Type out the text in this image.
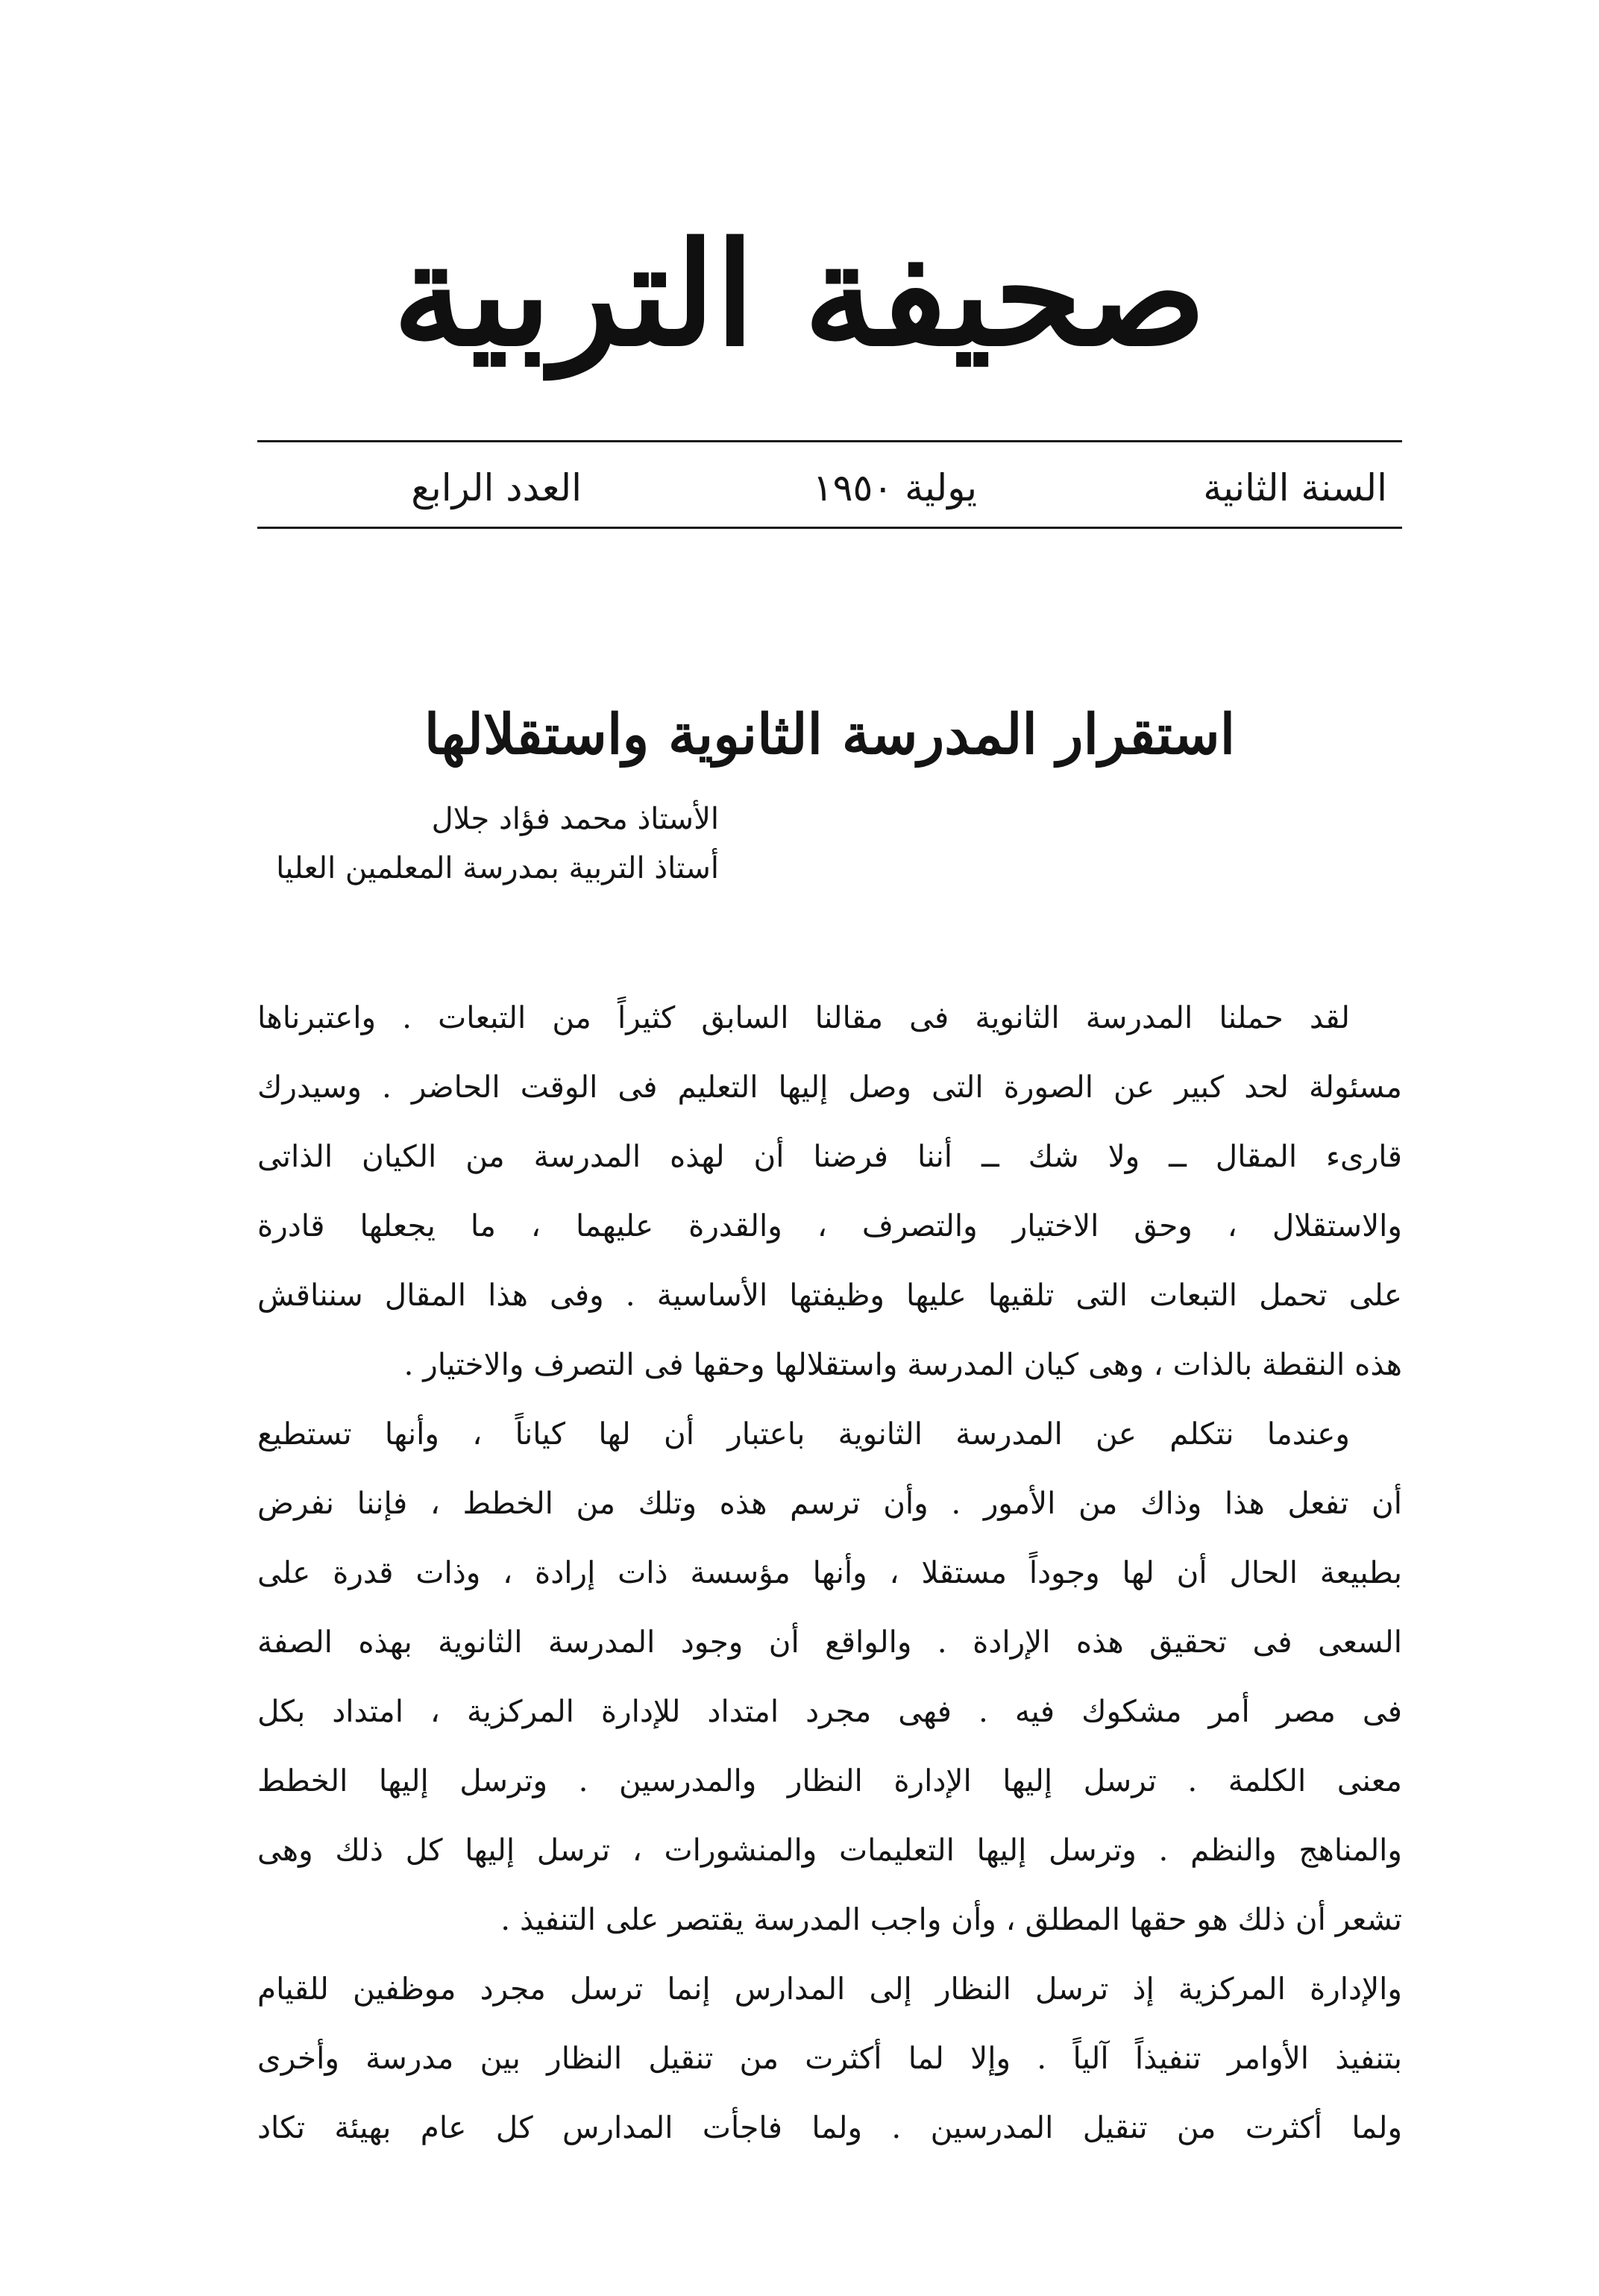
صحيفة التربية
السنة الثانية
يولية ١٩٥٠
العدد الرابع
استقرار المدرسة الثانوية واستقلالها
الأستاذ محمد فؤاد جلال
أستاذ التربية بمدرسة المعلمين العليا
لقد حملنا المدرسة الثانوية فى مقالنا السابق كثيراً من التبعات . واعتبرناها
مسئولة لحد كبير عن الصورة التى وصل إليها التعليم فى الوقت الحاضر . وسيدرك
قارىء المقال ــ ولا شك ــ أننا فرضنا أن لهذه المدرسة من الكيان الذاتى
والاستقلال ، وحق الاختيار والتصرف ، والقدرة عليهما ، ما يجعلها قادرة
على تحمل التبعات التى تلقيها عليها وظيفتها الأساسية . وفى هذا المقال سنناقش
هذه النقطة بالذات ، وهى كيان المدرسة واستقلالها وحقها فى التصرف والاختيار .
وعندما نتكلم عن المدرسة الثانوية باعتبار أن لها كياناً ، وأنها تستطيع
أن تفعل هذا وذاك من الأمور . وأن ترسم هذه وتلك من الخطط ، فإننا نفرض
بطبيعة الحال أن لها وجوداً مستقلا ، وأنها مؤسسة ذات إرادة ، وذات قدرة على
السعى فى تحقيق هذه الإرادة . والواقع أن وجود المدرسة الثانوية بهذه الصفة
فى مصر أمر مشكوك فيه . فهى مجرد امتداد للإدارة المركزية ، امتداد بكل
معنى الكلمة . ترسل إليها الإدارة النظار والمدرسين . وترسل إليها الخطط
والمناهج والنظم . وترسل إليها التعليمات والمنشورات ، ترسل إليها كل ذلك وهى
تشعر أن ذلك هو حقها المطلق ، وأن واجب المدرسة يقتصر على التنفيذ .
والإدارة المركزية إذ ترسل النظار إلى المدارس إنما ترسل مجرد موظفين للقيام
بتنفيذ الأوامر تنفيذاً آلياً . وإلا لما أكثرت من تنقيل النظار بين مدرسة وأخرى
ولما أكثرت من تنقيل المدرسين . ولما فاجأت المدارس كل عام بهيئة تكاد
